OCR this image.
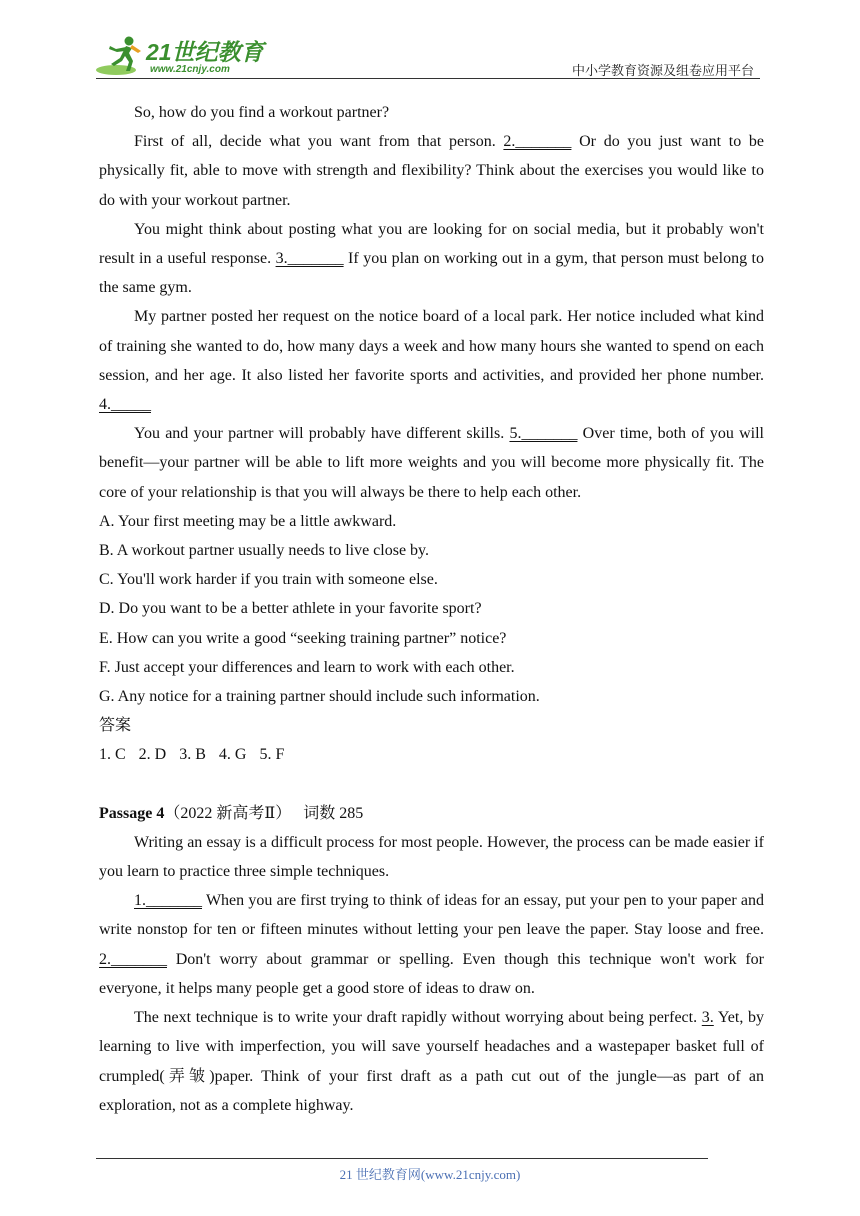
21世纪教育
www.21cnjy.com	中小学教育资源及组卷应用平台

So, how do you find a workout partner?

First of all, decide what you want from that person. 2._______ Or do you just want to be physically fit, able to move with strength and flexibility? Think about the exercises you would like to do with your workout partner.

You might think about posting what you are looking for on social media, but it probably won't result in a useful response. 3._______ If you plan on working out in a gym, that person must belong to the same gym.

My partner posted her request on the notice board of a local park. Her notice included what kind of training she wanted to do, how many days a week and how many hours she wanted to spend on each session, and her age. It also listed her favorite sports and activities, and provided her phone number. 4._____

You and your partner will probably have different skills. 5._______ Over time, both of you will benefit—your partner will be able to lift more weights and you will become more physically fit. The core of your relationship is that you will always be there to help each other.

A. Your first meeting may be a little awkward.

B. A workout partner usually needs to live close by.

C. You'll work harder if you train with someone else.

D. Do you want to be a better athlete in your favorite sport?

E. How can you write a good “seeking training partner” notice?

F. Just accept your differences and learn to work with each other.

G. Any notice for a training partner should include such information.

答案

1. C 2. D 3. B 4. G 5. F

Passage 4（2022 新高考Ⅱ） 词数 285

Writing an essay is a difficult process for most people. However, the process can be made easier if you learn to practice three simple techniques.

1._______ When you are first trying to think of ideas for an essay, put your pen to your paper and write nonstop for ten or fifteen minutes without letting your pen leave the paper. Stay loose and free. 2._______ Don't worry about grammar or spelling. Even though this technique won't work for everyone, it helps many people get a good store of ideas to draw on.

The next technique is to write your draft rapidly without worrying about being perfect. 3. Yet, by learning to live with imperfection, you will save yourself headaches and a wastepaper basket full of crumpled(弄皱)paper. Think of your first draft as a path cut out of the jungle—as part of an exploration, not as a complete highway.

21 世纪教育网(www.21cnjy.com)
